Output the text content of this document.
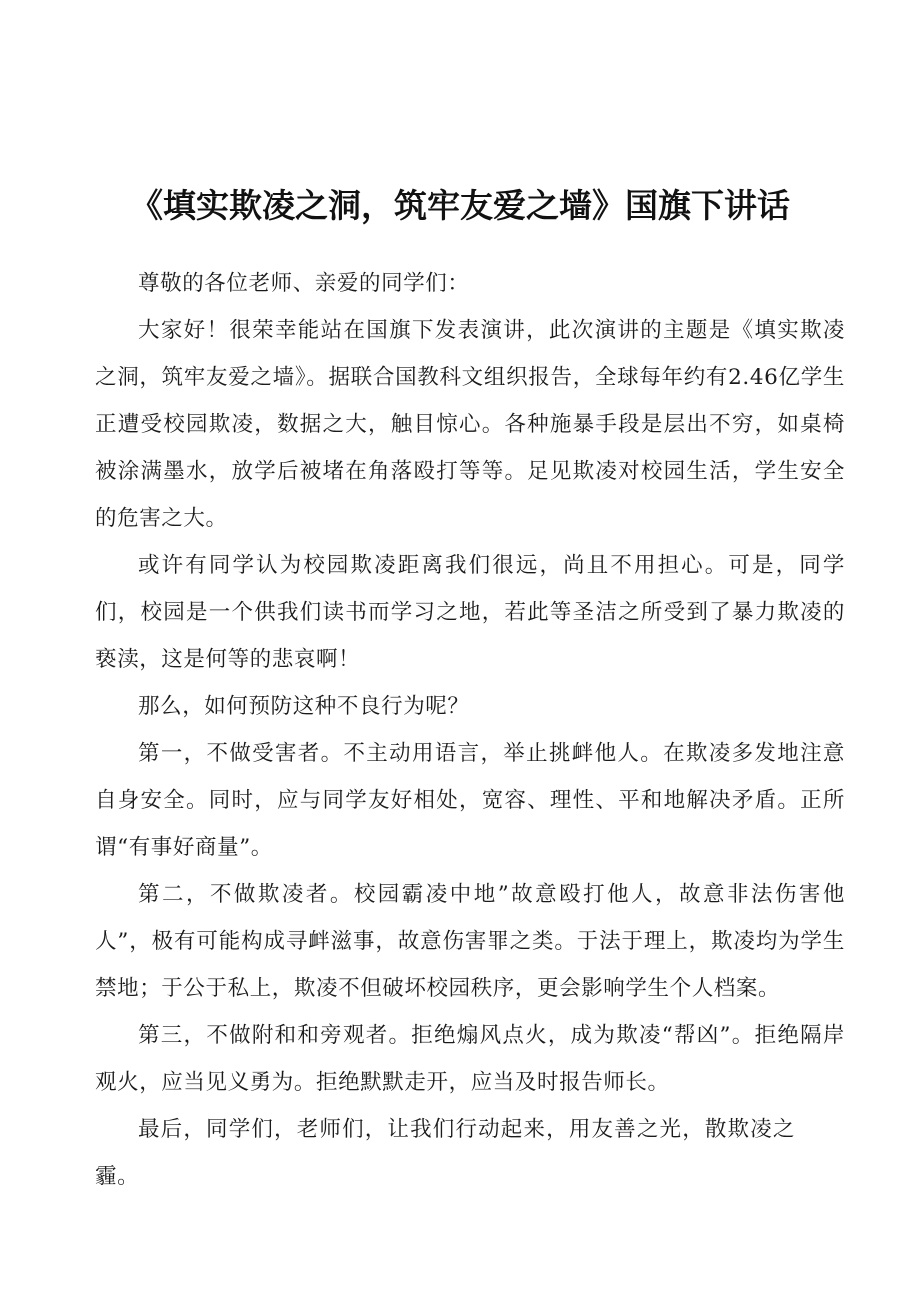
《填实欺凌之洞，筑牢友爱之墙》国旗下讲话

尊敬的各位老师、亲爱的同学们：

大家好！很荣幸能站在国旗下发表演讲，此次演讲的主题是《填实欺凌之洞，筑牢友爱之墙》。据联合国教科文组织报告，全球每年约有2.46亿学生正遭受校园欺凌，数据之大，触目惊心。各种施暴手段是层出不穷，如桌椅被涂满墨水，放学后被堵在角落殴打等等。足见欺凌对校园生活，学生安全的危害之大。

或许有同学认为校园欺凌距离我们很远，尚且不用担心。可是，同学们，校园是一个供我们读书而学习之地，若此等圣洁之所受到了暴力欺凌的亵渎，这是何等的悲哀啊！

那么，如何预防这种不良行为呢？

第一，不做受害者。不主动用语言，举止挑衅他人。在欺凌多发地注意自身安全。同时，应与同学友好相处，宽容、理性、平和地解决矛盾。正所谓“有事好商量”。

第二，不做欺凌者。校园霸凌中地”故意殴打他人，故意非法伤害他人”，极有可能构成寻衅滋事，故意伤害罪之类。于法于理上，欺凌均为学生禁地；于公于私上，欺凌不但破坏校园秩序，更会影响学生个人档案。

第三，不做附和和旁观者。拒绝煽风点火，成为欺凌“帮凶”。拒绝隔岸观火，应当见义勇为。拒绝默默走开，应当及时报告师长。

最后，同学们，老师们，让我们行动起来，用友善之光，散欺凌之霾。
